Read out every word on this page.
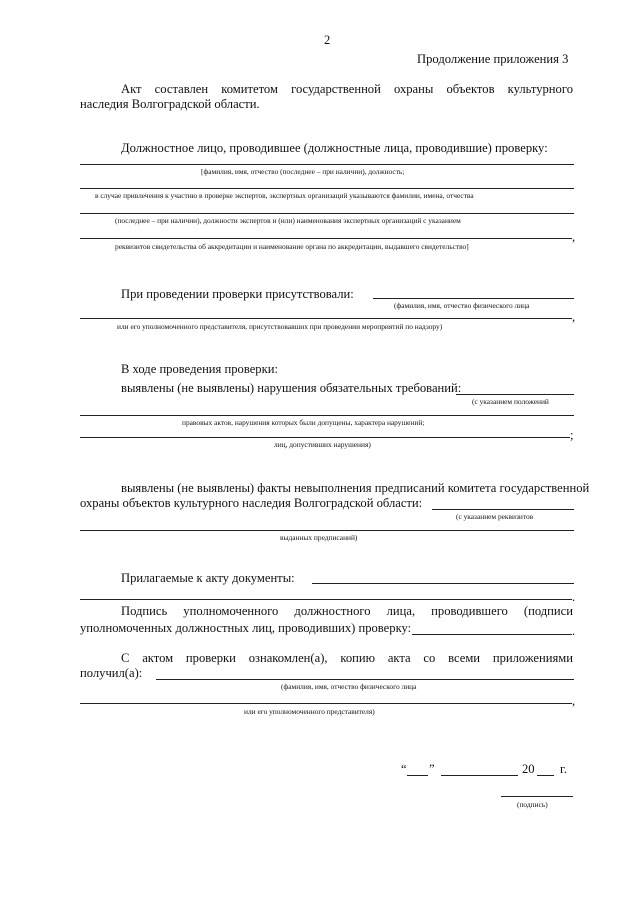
2
Продолжение приложения 3
Акт составлен комитетом государственной охраны объектов культурного
наследия Волгоградской области.
Должностное лицо, проводившее (должностные лица, проводившие) проверку:
[фамилия, имя, отчество (последнее – при наличии), должность;
в случае привлечения к участию в проверке экспертов, экспертных организаций указываются фамилии, имена, отчества
(последнее – при наличии), должности экспертов и (или) наименования экспертных организаций с указанием
,
реквизитов свидетельства об аккредитации и наименование органа по аккредитации, выдавшего свидетельство]
При проведении проверки присутствовали:
(фамилия, имя, отчество физического лица
,
или его уполномоченного представителя, присутствовавших при проведении мероприятий по надзору)
В ходе проведения проверки:
выявлены (не выявлены) нарушения обязательных требований:
(с указанием положений
правовых актов, нарушения которых были допущены, характера нарушений;
;
лиц, допустивших нарушения)
выявлены (не выявлены) факты невыполнения предписаний комитета государственной
охраны объектов культурного наследия Волгоградской области:
(с указанием реквизитов
выданных предписаний)
Прилагаемые к акту документы:
.
Подпись уполномоченного должностного лица, проводившего (подписи
уполномоченных должностных лиц, проводивших) проверку:	.
С актом проверки ознакомлен(а), копию акта со всеми приложениями
получил(а):
(фамилия, имя, отчество физического лица
,
или его уполномоченного представителя)
“ ”	20 г.
(подпись)
